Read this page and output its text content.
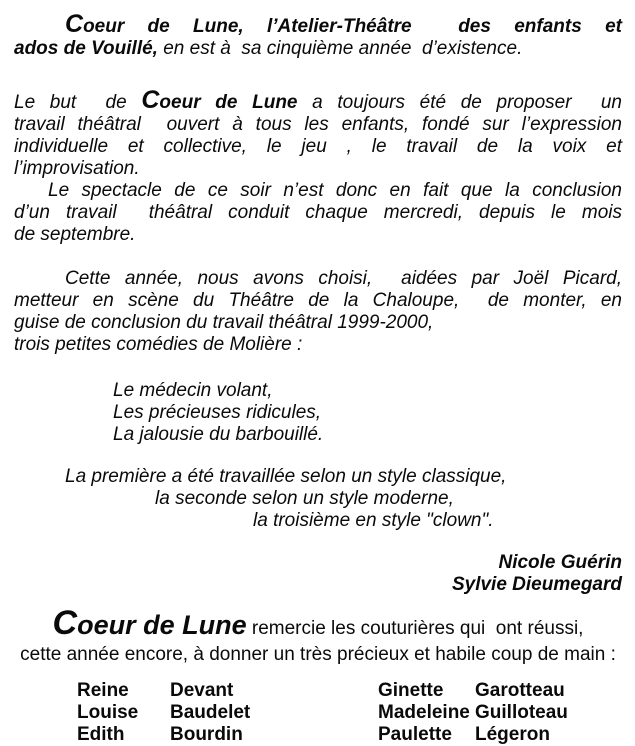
Coeur de Lune, l’Atelier-Théâtre  des enfants et
ados de Vouillé, en est à  sa cinquième année  d’existence.
Le but  de Coeur de Lune a toujours été de proposer  un
travail théâtral  ouvert à tous les enfants, fondé sur l’expression
individuelle et collective, le jeu , le travail de la voix et
l’improvisation.
Le spectacle de ce soir n’est donc en fait que la conclusion
d’un travail  théâtral conduit chaque mercredi, depuis le mois
de septembre.
Cette année, nous avons choisi,  aidées par Joël Picard,
metteur en scène du Théâtre de la Chaloupe,  de monter, en
guise de conclusion du travail théâtral 1999-2000,
trois petites comédies de Molière :
Le médecin volant,
Les précieuses ridicules,
La jalousie du barbouillé.
La première a été travaillée selon un style classique,
la seconde selon un style moderne,
la troisième en style "clown".
Nicole Guérin
Sylvie Dieumegard
Coeur de Lune remercie les couturières qui  ont réussi,
cette année encore, à donner un très précieux et habile coup de main :
Reine	Devant
Louise	Baudelet
Edith	Bourdin
Ginette	Garotteau
Madeleine Guilloteau
Paulette	Légeron
